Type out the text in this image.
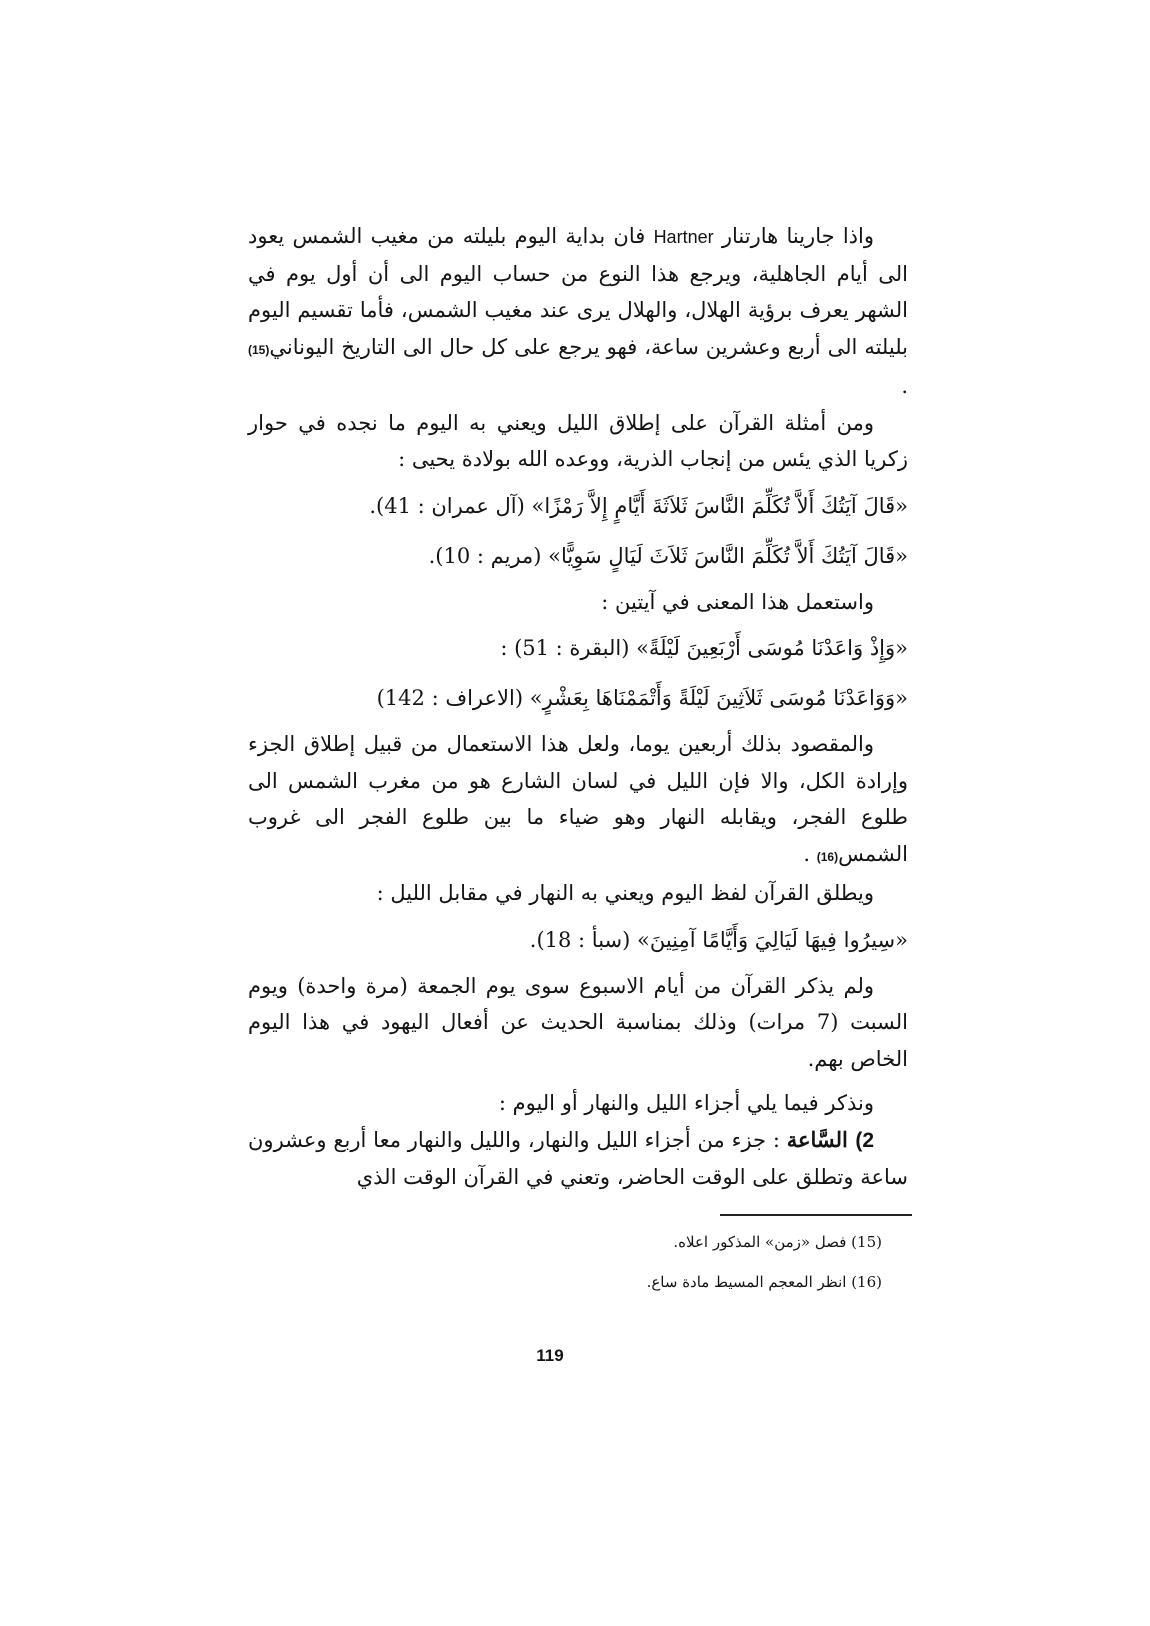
واذا جارينا هارتنار Hartner فان بداية اليوم بليلته من مغيب الشمس يعود الى أيام الجاهلية، ويرجع هذا النوع من حساب اليوم الى أن أول يوم في الشهر يعرف برؤية الهلال، والهلال يرى عند مغيب الشمس، فأما تقسيم اليوم بليلته الى أربع وعشرين ساعة، فهو يرجع على كل حال الى التاريخ اليوناني(15) .

ومن أمثلة القرآن على إطلاق الليل ويعني به اليوم ما نجده في حوار زكريا الذي يئس من إنجاب الذرية، ووعده الله بولادة يحيى :

«قَالَ آيَتُكَ أَلاَّ تُكَلِّمَ النَّاسَ ثَلاَثَةَ أَيَّامٍ إِلاَّ رَمْزًا» (آل عمران : 41).

«قَالَ آيَتُكَ أَلاَّ تُكَلِّمَ النَّاسَ ثَلاَثَ لَيَالٍ سَوِيًّا» (مريم : 10).

واستعمل هذا المعنى في آيتين :

«وَإِذْ وَاعَدْنَا مُوسَى أَرْبَعِينَ لَيْلَةً» (البقرة : 51) :

«وَوَاعَدْنَا مُوسَى ثَلاَثِينَ لَيْلَةً وَأَتْمَمْنَاهَا بِعَشْرٍ» (الاعراف : 142)

والمقصود بذلك أربعين يوما، ولعل هذا الاستعمال من قبيل إطلاق الجزء وإرادة الكل، والا فإن الليل في لسان الشارع هو من مغرب الشمس الى طلوع الفجر، ويقابله النهار وهو ضياء ما بين طلوع الفجر الى غروب الشمس(16) .

ويطلق القرآن لفظ اليوم ويعني به النهار في مقابل الليل :

«سِيرُوا فِيهَا لَيَالِيَ وَأَيَّامًا آمِنِينَ» (سبأ : 18).

ولم يذكر القرآن من أيام الاسبوع سوى يوم الجمعة (مرة واحدة) ويوم السبت (7 مرات) وذلك بمناسبة الحديث عن أفعال اليهود في هذا اليوم الخاص بهم.

ونذكر فيما يلي أجزاء الليل والنهار أو اليوم :

2) السَّاعة : جزء من أجزاء الليل والنهار، والليل والنهار معا أربع وعشرون ساعة وتطلق على الوقت الحاضر، وتعني في القرآن الوقت الذي

(15) فصل «زمن» المذكور اعلاه.

(16) انظر المعجم المسيط مادة ساع.

119
